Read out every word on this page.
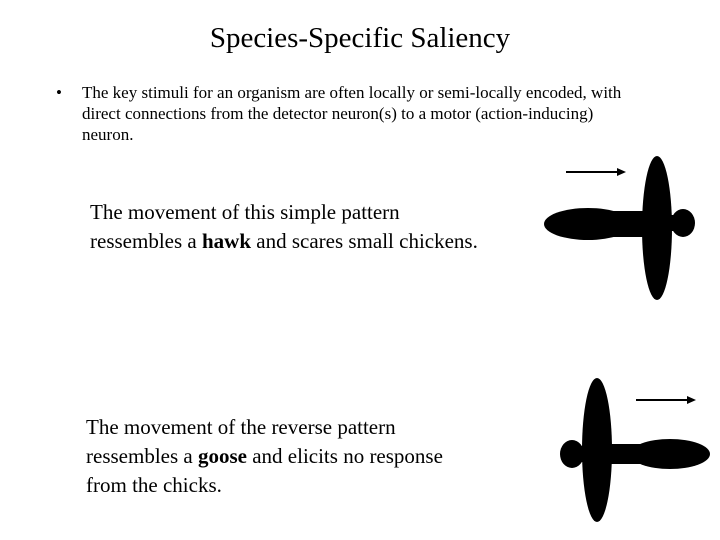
Species-Specific Saliency
• The key stimuli for an organism are often locally or semi-locally encoded, with direct connections from the detector neuron(s) to a motor (action-inducing) neuron.
The movement of this simple pattern
ressembles a hawk and scares small chickens.
The movement of the reverse pattern
ressembles a goose and elicits no response
from the chicks.
